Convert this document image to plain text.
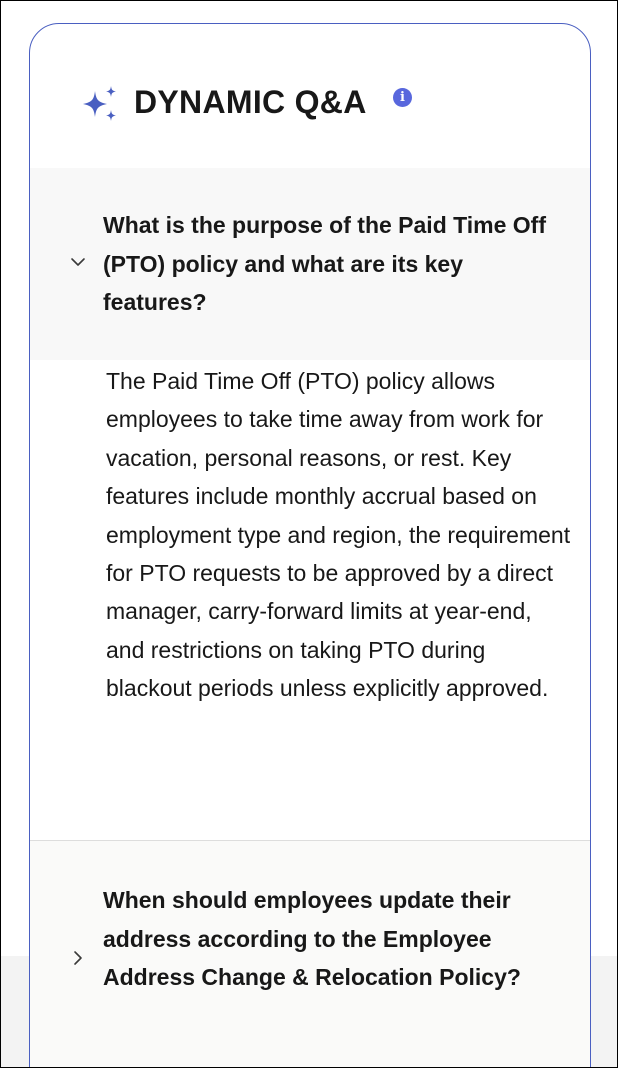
DYNAMIC Q&A	i
What is the purpose of the Paid Time Off (PTO) policy and what are its key features?
The Paid Time Off (PTO) policy allows employees to take time away from work for vacation, personal reasons, or rest. Key features include monthly accrual based on employment type and region, the requirement for PTO requests to be approved by a direct manager, carry-forward limits at year-end, and restrictions on taking PTO during blackout periods unless explicitly approved.
When should employees update their address according to the Employee Address Change & Relocation Policy?
